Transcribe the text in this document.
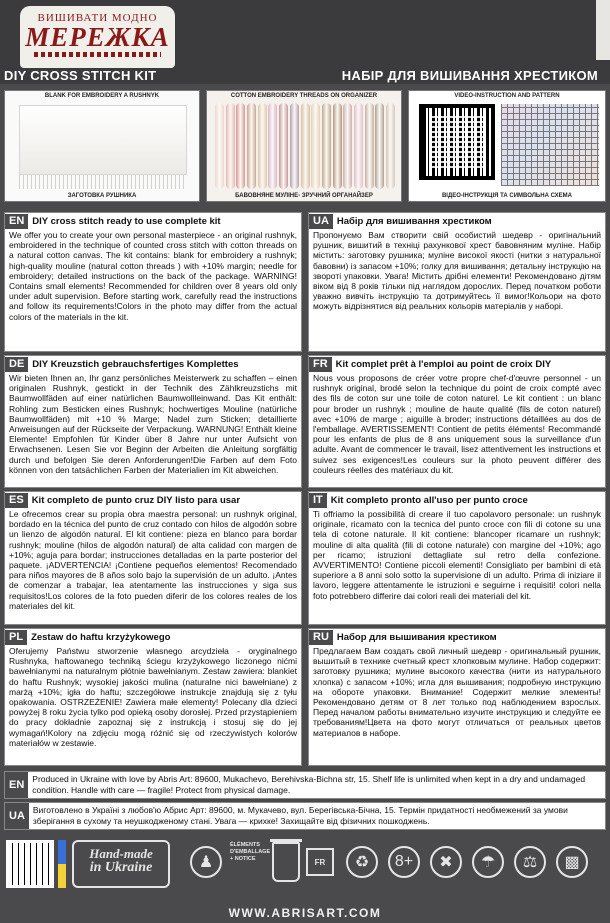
ВИШИВАТИ МОДНО
МЕРЕЖКА
DIY CROSS STITCH KIT	НАБІР ДЛЯ ВИШИВАННЯ ХРЕСТИКОМ
BLANK FOR EMBROIDERY A RUSHNYK
ЗАГОТОВКА РУШНИКА
COTTON EMBROIDERY THREADS ON ORGANIZER
БАВОВНЯНЕ МУЛІНЕ- ЗРУЧНИЙ ОРГАНАЙЗЕР
VIDEO-INSTRUCTION AND PATTERN
ВІДЕО-ІНСТРУКЦІЯ ТА СИМВОЛЬНА СХЕМА
EN DIY cross stitch ready to use complete kit
We offer you to create your own personal masterpiece - an original rushnyk, embroidered in the technique of counted cross stitch with cotton threads on a natural cotton canvas. The kit contains: blank for embroidery a rushnyk; high-quality mouline (natural cotton threads ) with +10% margin; needle for embroidery; detailed instructions on the back of the package. WARNING! Contains small elements! Recommended for children over 8 years old only under adult supervision. Before starting work, carefully read the instructions and follow its requirements!Colors in the photo may differ from the actual colors of the materials in the kit.
UA Набір для вишивання хрестиком
Пропонуємо Вам створити свій особистий шедевр - оригінальний рушник, вишитий в техніці рахункової хрест бавовняним муліне. Набір містить: заготовку рушника; муліне високої якості (нитки з натуральної бавовни) із запасом +10%; голку для вишивання; детальну інструкцію на звороті упаковки. Увага! Містить дрібні елементи! Рекомендовано дітям віком від 8 років тільки під наглядом дорослих. Перед початком роботи уважно вивчіть інструкцію та дотримуйтесь її вимог!Кольори на фото можуть відрізнятися від реальних кольорів матеріалів у наборі.
DE DIY Kreuzstich gebrauchsfertiges Komplettes
Wir bieten Ihnen an, Ihr ganz persönliches Meisterwerk zu schaffen – einen originalen Rushnyk, gestickt in der Technik des Zählkreuzstichs mit Baumwollfäden auf einer natürlichen Baumwollleinwand. Das Kit enthält: Rohling zum Besticken eines Rushnyk; hochwertiges Mouline (natürliche Baumwollfäden) mit +10 % Marge; Nadel zum Sticken; detaillierte Anweisungen auf der Rückseite der Verpackung. WARNUNG! Enthält kleine Elemente! Empfohlen für Kinder über 8 Jahre nur unter Aufsicht von Erwachsenen. Lesen Sie vor Beginn der Arbeiten die Anleitung sorgfältig durch und befolgen Sie deren Anforderungen!Die Farben auf dem Foto können von den tatsächlichen Farben der Materialien im Kit abweichen.
FR Kit complet prêt à l'emploi au point de croix DIY
Nous vous proposons de créer votre propre chef-d'œuvre personnel - un rushnyk original, brodé selon la technique du point de croix compté avec des fils de coton sur une toile de coton naturel. Le kit contient : un blanc pour broder un rushnyk ; mouline de haute qualité (fils de coton naturel) avec +10% de marge ; aiguille à broder; instructions détaillées au dos de l'emballage. AVERTISSEMENT! Contient de petits éléments! Recommandé pour les enfants de plus de 8 ans uniquement sous la surveillance d'un adulte. Avant de commencer le travail, lisez attentivement les instructions et suivez ses exigences!Les couleurs sur la photo peuvent différer des couleurs réelles des matériaux du kit.
ES Kit completo de punto cruz DIY listo para usar
Le ofrecemos crear su propia obra maestra personal: un rushnyk original, bordado en la técnica del punto de cruz contado con hilos de algodón sobre un lienzo de algodón natural. El kit contiene: pieza en blanco para bordar rushnyk; mouline (hilos de algodón natural) de alta calidad con margen de +10%; aguja para bordar; instrucciones detalladas en la parte posterior del paquete. ¡ADVERTENCIA! ¡Contiene pequeños elementos! Recomendado para niños mayores de 8 años solo bajo la supervisión de un adulto. ¡Antes de comenzar a trabajar, lea atentamente las instrucciones y siga sus requisitos!Los colores de la foto pueden diferir de los colores reales de los materiales del kit.
IT Kit completo pronto all'uso per punto croce
Ti offriamo la possibilità di creare il tuo capolavoro personale: un rushnyk originale, ricamato con la tecnica del punto croce con fili di cotone su una tela di cotone naturale. Il kit contiene: blancoper ricamare un rushnyk; mouline di alta qualità (fili di cotone naturale) con margine del +10%; ago per ricamo; istruzioni dettagliate sul retro della confezione. AVVERTIMENTO! Contiene piccoli elementi! Consigliato per bambini di età superiore a 8 anni solo sotto la supervisione di un adulto. Prima di iniziare il lavoro, leggere attentamente le istruzioni e seguirne i requisiti! colori nella foto potrebbero differire dai colori reali dei materiali del kit.
PL Zestaw do haftu krzyżykowego
Oferujemy Państwu stworzenie własnego arcydzieła - oryginalnego Rushnyka, haftowanego techniką ściegu krzyżykowego liczonego nićmi bawełnianymi na naturalnym płótnie bawełnianym. Zestaw zawiera: blankiet do haftu Rushnyk; wysokiej jakości mulina (naturalne nici bawełniane) z marżą +10%; igła do haftu; szczegółowe instrukcje znajdują się z tyłu opakowania. OSTRZEŻENIE! Zawiera małe elementy! Polecany dla dzieci powyżej 8 roku życia tylko pod opieką osoby dorosłej. Przed przystąpieniem do pracy dokładnie zapoznaj się z instrukcją i stosuj się do jej wymagań!Kolory na zdjęciu mogą różnić się od rzeczywistych kolorów materiałów w zestawie.
RU Набор для вышивания крестиком
Предлагаем Вам создать свой личный шедевр - оригинальный рушник, вышитый в технике счетный крест хлопковым мулине. Набор содержит: заготовку рушника; мулине высокого качества (нити из натурального хлопка) с запасом +10%; игла для вышивания; подробную инструкцию на обороте упаковки. Внимание! Содержит мелкие элементы! Рекомендовано детям от 8 лет только под наблюдением взрослых. Перед началом работы внимательно изучите инструкцию и следуйте ее требованиям!Цвета на фото могут отличаться от реальных цветов материалов в наборе.
EN Produced in Ukraine with love by Abris Art: 89600, Mukachevo, Berehivska-Bichna str, 15. Shelf life is unlimited when kept in a dry and undamaged condition. Handle with care — fragile! Protect from physical damage.
UA Виготовлено в Україні з любов'ю Абрис Арт: 89600, м. Мукачево, вул. Берегівська-Бічна, 15. Термін придатності необмежений за умови зберігання в сухому та неушкодженому стані. Увага — крихке! Захищайте від фізичних пошкоджень.
Hand-made
in Ukraine	♟
ÉLÉMENTS D'EMBALLAGE + NOTICE	FR	♻	8+	✖	☂	⚖	▩
WWW.ABRISART.COM
